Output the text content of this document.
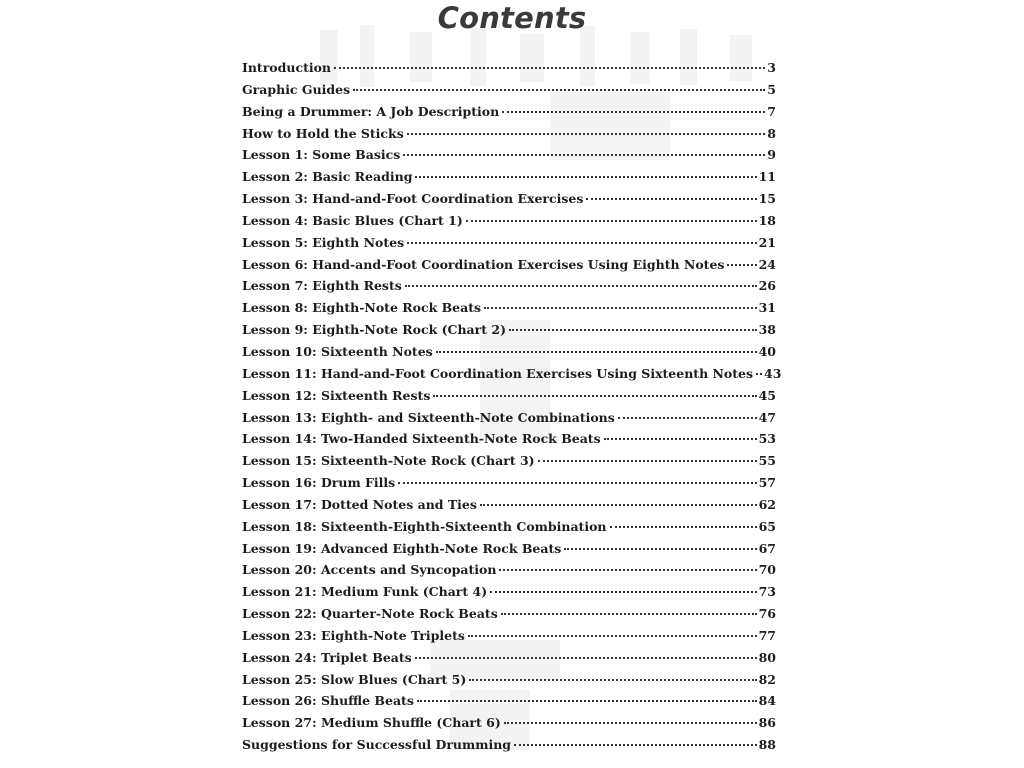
Contents
Introduction	3
Graphic Guides	5
Being a Drummer: A Job Description	7
How to Hold the Sticks	8
Lesson 1: Some Basics	9
Lesson 2: Basic Reading	11
Lesson 3: Hand-and-Foot Coordination Exercises	15
Lesson 4: Basic Blues (Chart 1)	18
Lesson 5: Eighth Notes	21
Lesson 6: Hand-and-Foot Coordination Exercises Using Eighth Notes	24
Lesson 7: Eighth Rests	26
Lesson 8: Eighth-Note Rock Beats	31
Lesson 9: Eighth-Note Rock (Chart 2)	38
Lesson 10: Sixteenth Notes	40
Lesson 11: Hand-and-Foot Coordination Exercises Using Sixteenth Notes 43
Lesson 12: Sixteenth Rests	45
Lesson 13: Eighth- and Sixteenth-Note Combinations	47
Lesson 14: Two-Handed Sixteenth-Note Rock Beats	53
Lesson 15: Sixteenth-Note Rock (Chart 3)	55
Lesson 16: Drum Fills	57
Lesson 17: Dotted Notes and Ties	62
Lesson 18: Sixteenth-Eighth-Sixteenth Combination	65
Lesson 19: Advanced Eighth-Note Rock Beats	67
Lesson 20: Accents and Syncopation	70
Lesson 21: Medium Funk (Chart 4)	73
Lesson 22: Quarter-Note Rock Beats	76
Lesson 23: Eighth-Note Triplets	77
Lesson 24: Triplet Beats	80
Lesson 25: Slow Blues (Chart 5)	82
Lesson 26: Shuffle Beats	84
Lesson 27: Medium Shuffle (Chart 6)	86
Suggestions for Successful Drumming	88
